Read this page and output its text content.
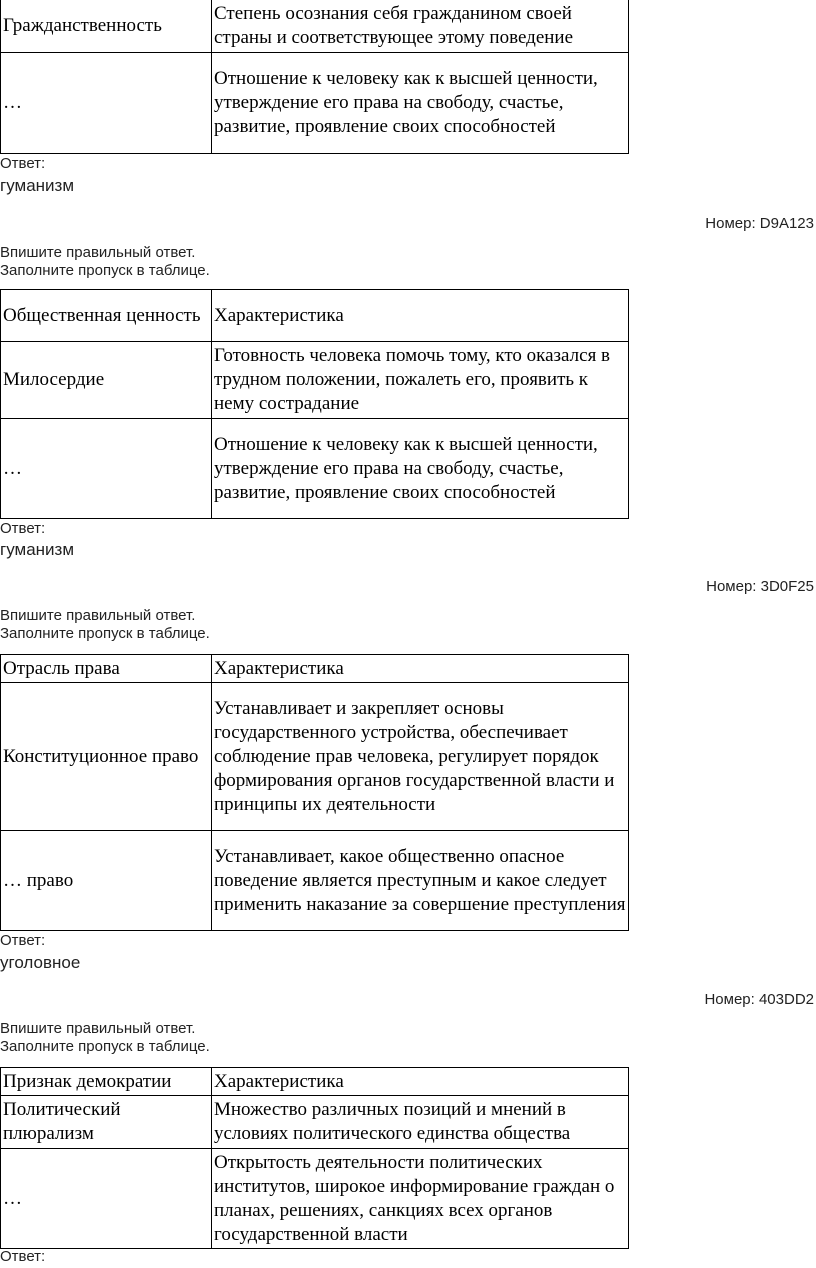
Гражданственность	Степень осознания себя гражданином своей страны и соответствующее этому поведение
…	Отношение к человеку как к высшей ценности, утверждение его права на свободу, счастье, развитие, проявление своих способностей
Ответ:
гуманизм
Номер: D9A123
Впишите правильный ответ.
Заполните пропуск в таблице.
Общественная ценность	Характеристика
Милосердие	Готовность человека помочь тому, кто оказался в трудном положении, пожалеть его, проявить к нему сострадание
…	Отношение к человеку как к высшей ценности, утверждение его права на свободу, счастье, развитие, проявление своих способностей
Ответ:
гуманизм
Номер: 3D0F25
Впишите правильный ответ.
Заполните пропуск в таблице.
Отрасль права	Характеристика
Конституционное право	Устанавливает и закрепляет основы государственного устройства, обеспечивает соблюдение прав человека, регулирует порядок формирования органов государственной власти и принципы их деятельности
… право	Устанавливает, какое общественно опасное поведение является преступным и какое следует применить наказание за совершение преступления
Ответ:
уголовное
Номер: 403DD2
Впишите правильный ответ.
Заполните пропуск в таблице.
Признак демократии	Характеристика
Политический плюрализм	Множество различных позиций и мнений в условиях политического единства общества
…	Открытость деятельности политических институтов, широкое информирование граждан о планах, решениях, санкциях всех органов государственной власти
Ответ:
